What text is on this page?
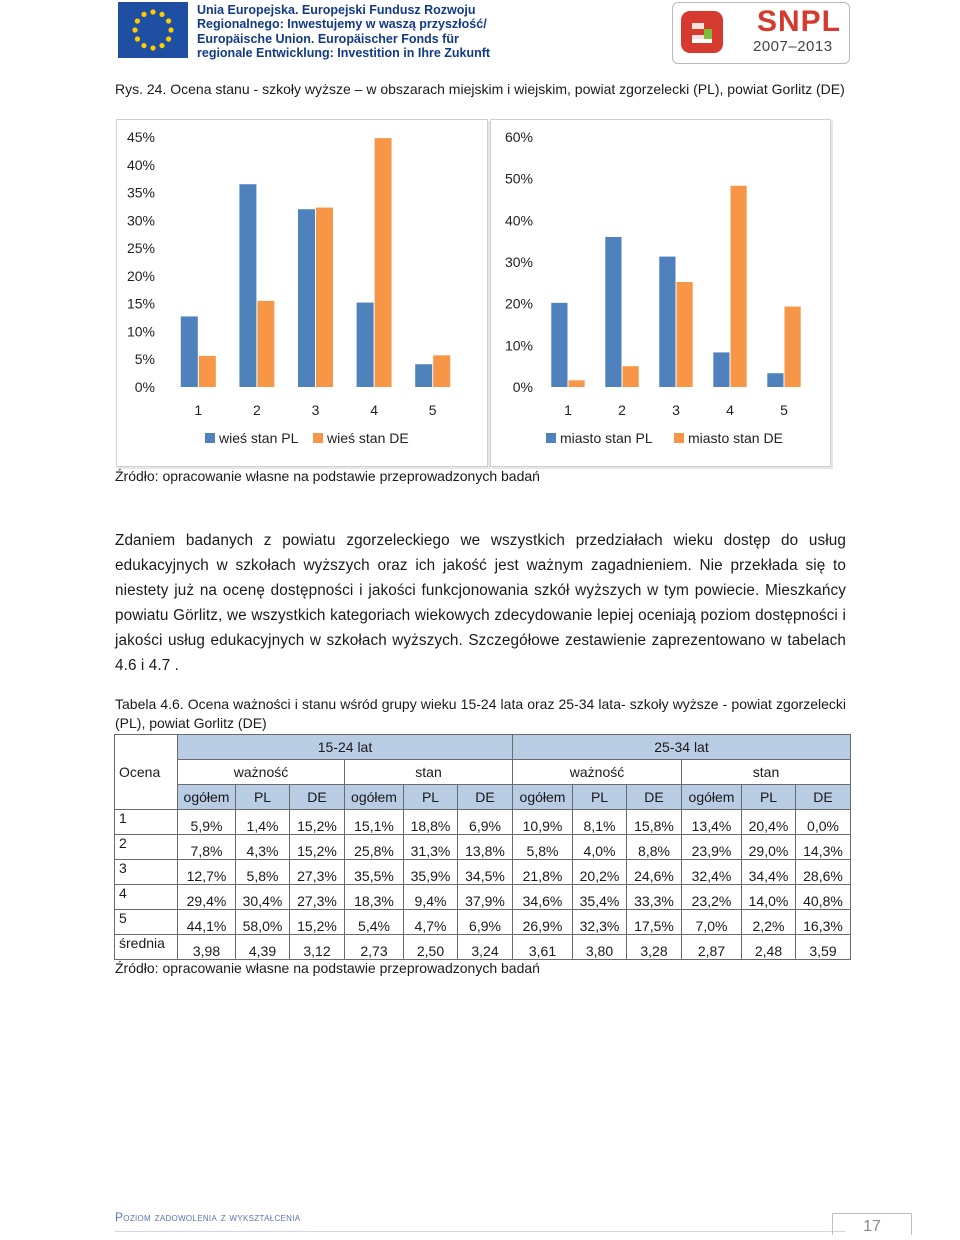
Unia Europejska. Europejski Fundusz Rozwoju
Regionalnego: Inwestujemy w waszą przyszłość/
Europäische Union. Europäischer Fonds für
regionale Entwicklung: Investition in Ihre Zukunft
SNPL
2007–2013
Rys. 24. Ocena stanu - szkoły wyższe – w obszarach miejskim i wiejskim, powiat zgorzelecki (PL), powiat Gorlitz (DE)
0%
5%
10%
15%
20%
25%
30%
35%
40%
45%
1	2	3	4	5
wieś stan PL wieś stan DE
0%
10%
20%
30%
40%
50%
60%
1	2	3	4	5
miasto stan PL	miasto stan DE
Źródło: opracowanie własne na podstawie przeprowadzonych badań
Zdaniem badanych z powiatu zgorzeleckiego we wszystkich przedziałach wieku dostęp do usług edukacyjnych w szkołach wyższych oraz ich jakość jest ważnym zagadnieniem. Nie przekłada się to niestety już na ocenę dostępności i jakości funkcjonowania szkół wyższych w tym powiecie. Mieszkańcy powiatu Görlitz, we wszystkich kategoriach wiekowych zdecydowanie lepiej oceniają poziom dostępności i jakości usług edukacyjnych w szkołach wyższych. Szczegółowe zestawienie zaprezentowano w tabelach 4.6 i 4.7 .
Tabela 4.6. Ocena ważności i stanu wśród grupy wieku 15-24 lata oraz 25-34 lata- szkoły wyższe - powiat zgorzelecki (PL), powiat Gorlitz (DE)
Ocena	15-24 lat						25-34 lat					
	ważność			stan			ważność			stan		
	ogółem	PL	DE	ogółem	PL	DE	ogółem	PL	DE	ogółem	PL	DE
1	5,9%	1,4%	15,2%	15,1%	18,8%	6,9%	10,9%	8,1%	15,8%	13,4%	20,4%	0,0%
2	7,8%	4,3%	15,2%	25,8%	31,3%	13,8%	5,8%	4,0%	8,8%	23,9%	29,0%	14,3%
3	12,7%	5,8%	27,3%	35,5%	35,9%	34,5%	21,8%	20,2%	24,6%	32,4%	34,4%	28,6%
4	29,4%	30,4%	27,3%	18,3%	9,4%	37,9%	34,6%	35,4%	33,3%	23,2%	14,0%	40,8%
5	44,1%	58,0%	15,2%	5,4%	4,7%	6,9%	26,9%	32,3%	17,5%	7,0%	2,2%	16,3%
średnia	3,98	4,39	3,12	2,73	2,50	3,24	3,61	3,80	3,28	2,87	2,48	3,59
Źródło: opracowanie własne na podstawie przeprowadzonych badań
Poziom zadowolenia z wykształcenia
17
